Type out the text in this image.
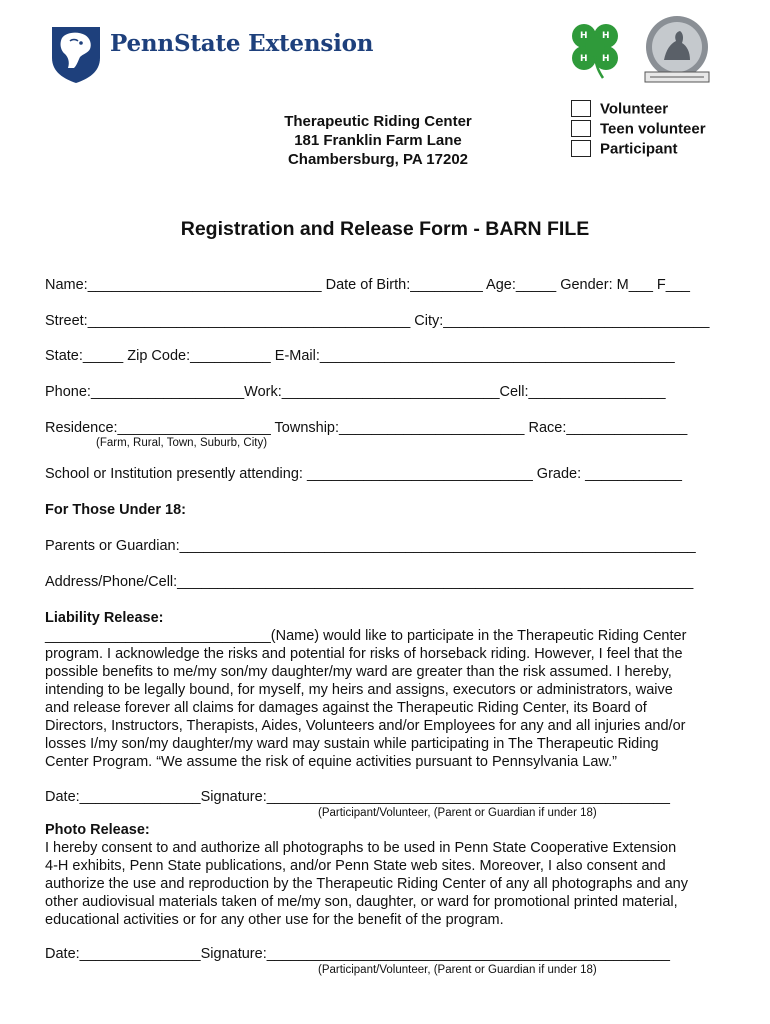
PennState Extension	H H
H H
Therapeutic Riding Center
181 Franklin Farm Lane
Chambersburg, PA 17202
Volunteer
Teen volunteer
Participant
Registration and Release Form - BARN FILE
Name:_____________________________ Date of Birth:_________ Age:_____ Gender: M___ F___
Street:________________________________________ City:_________________________________
State:_____ Zip Code:__________ E-Mail:____________________________________________
Phone:___________________Work:___________________________Cell:_________________
Residence:___________________ Township:_______________________ Race:_______________
(Farm, Rural, Town, Suburb, City)
School or Institution presently attending: ____________________________ Grade: ____________
For Those Under 18:
Parents or Guardian:________________________________________________________________
Address/Phone/Cell:________________________________________________________________
Liability Release:
____________________________(Name) would like to participate in the Therapeutic Riding Center
program. I acknowledge the risks and potential for risks of horseback riding. However, I feel that the
possible benefits to me/my son/my daughter/my ward are greater than the risk assumed. I hereby,
intending to be legally bound, for myself, my heirs and assigns, executors or administrators, waive
and release forever all claims for damages against the Therapeutic Riding Center, its Board of
Directors, Instructors, Therapists, Aides, Volunteers and/or Employees for any and all injuries and/or
losses I/my son/my daughter/my ward may sustain while participating in The Therapeutic Riding
Center Program. “We assume the risk of equine activities pursuant to Pennsylvania Law.”
Date:_______________Signature:__________________________________________________
(Participant/Volunteer, (Parent or Guardian if under 18)
Photo Release:
I hereby consent to and authorize all photographs to be used in Penn State Cooperative Extension
4-H exhibits, Penn State publications, and/or Penn State web sites. Moreover, I also consent and
authorize the use and reproduction by the Therapeutic Riding Center of any all photographs and any
other audiovisual materials taken of me/my son, daughter, or ward for promotional printed material,
educational activities or for any other use for the benefit of the program.
Date:_______________Signature:__________________________________________________
(Participant/Volunteer, (Parent or Guardian if under 18)
